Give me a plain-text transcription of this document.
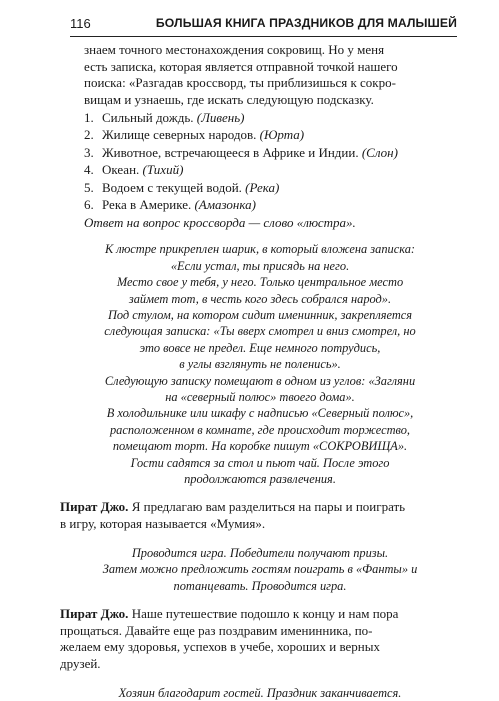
116	БОЛЬШАЯ КНИГА ПРАЗДНИКОВ ДЛЯ МАЛЫШЕЙ
знаем точного местонахождения сокровищ. Но у меня
есть записка, которая является отправной точкой нашего
поиска: «Разгадав кроссворд, ты приблизишься к сокро-
вищам и узнаешь, где искать следующую подсказку.
1. Сильный дождь. (Ливень)
2. Жилище северных народов. (Юрта)
3. Животное, встречающееся в Африке и Индии. (Слон)
4. Океан. (Тихий)
5. Водоем с текущей водой. (Река)
6. Река в Америке. (Амазонка)
Ответ на вопрос кроссворда — слово «люстра».
К люстре прикреплен шарик, в который вложена записка:
«Если устал, ты присядь на него.
Место свое у тебя, у него. Только центральное место
займет тот, в честь кого здесь собрался народ».
Под стулом, на котором сидит именинник, закрепляется
следующая записка: «Ты вверх смотрел и вниз смотрел, но
это вовсе не предел. Еще немного потрудись,
в углы взглянуть не поленись».
Следующую записку помещают в одном из углов: «Загляни
на «северный полюс» твоего дома».
В холодильнике или шкафу с надписью «Северный полюс»,
расположенном в комнате, где происходит торжество,
помещают торт. На коробке пишут «СОКРОВИЩА».
Гости садятся за стол и пьют чай. После этого
продолжаются развлечения.
Пират Джо. Я предлагаю вам разделиться на пары и поиграть
в игру, которая называется «Мумия».
Проводится игра. Победители получают призы.
Затем можно предложить гостям поиграть в «Фанты» и
потанцевать. Проводится игра.
Пират Джо. Наше путешествие подошло к концу и нам пора
прощаться. Давайте еще раз поздравим именинника, по-
желаем ему здоровья, успехов в учебе, хороших и верных
друзей.
Хозяин благодарит гостей. Праздник заканчивается.
